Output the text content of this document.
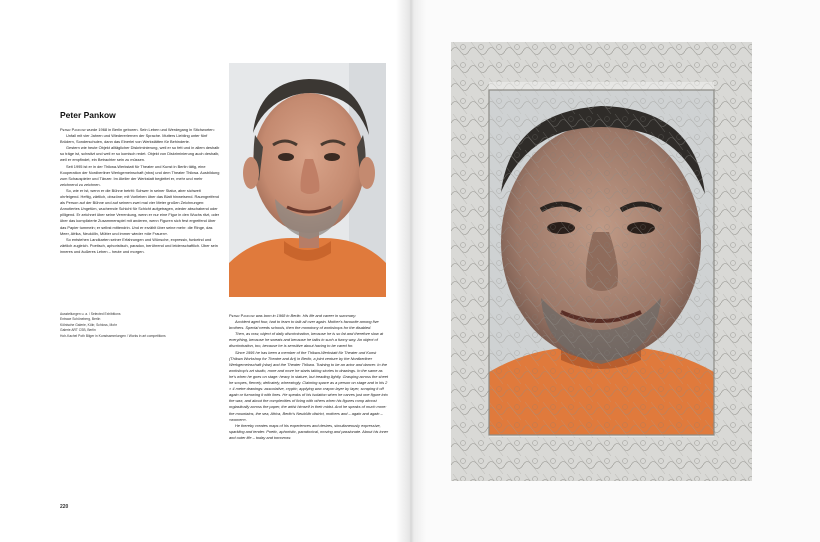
Peter Pankow

Peter Pankow wurde 1968 in Berlin geboren. Sein Leben und Werdegang in Stichworten:

Unfall mit vier Jahren und Wiedererlernen der Sprache. Mutters Liebling unter fünf Brüdern, Sonderschulen, dann das Einerlei von Werkstätten für Behinderte.

Gestern wie heute Objekt alltäglicher Diskriminierung, weil er so fett und in allem deshalb so träge ist, schwitzt und weil er so komisch redet. Objekt von Diskriminierung auch deshalb, weil er empfindet, ein Betrachter sein zu müssen.

Seit 1995 ist er in der Thikwa-Werkstatt für Theater und Kunst in Berlin tätig, eine Kooperation der Nordberliner Werkgemeinschaft (nbw) und dem Theater Thikwa. Ausbildung zum Schauspieler und Tänzer. Im Atelier der Werkstatt begleitet er, mehr und mehr zeichnend zu zeichnen.

So, wie er ist, wenn er die Bühne betritt: Schwer in seiner Statur, aber sichweit ohrfeigend. Heftig, zärtlich, obszöne; mit Vorlieben über das Blatt hinweisend. Raumgreifend als Person auf der Bühne und auf seinem zwei mal vier Meter großen Zeichnungen: Annotiertes Ungetüm, wuchernde Schicht für Schicht aufgetragen, wieder abschabend oder pilligend. Er zeichnet über seine Verrenkung, wenn er nur eine Figur in den Wuchs ritzt, oder über das komplizierte Zusammenspiel mit anderen, wenn Figuren sich fest ergreifend über das Papier tummeln; er selbst mittendrin. Und er erzählt über seine mehr: die Ringe, das Meer, Afrika, Neukölln, Mütter und immer wieder »die Frauen«.

So entstehen Landkarten seiner Erfahrungen und Wünsche, expressiv, funkelnd und zärtlich zugleich. Poetisch, aphoristisch, paradox, berührend und leidenschaftlich. Über sein inneres und äußeres Leben – heute und morgen.

Ausstellungen u. a. / Selected Exhibitions
Entrace Schöneberg, Berlin
Kölnische Galerie, Köln; Schloss, Mohr
Galerie ART CSB, Berlin
Hoh-Kachel Poth Bilger in Kunstsammlungen / Works in art competitions

Peter Pankow was born in 1968 in Berlin. His life and career in summary:

Accident aged four, had to learn to talk all over again. Mother's favourite among five brothers. Special needs schools, then the monotony of workshops for the disabled.

Then, as now, object of daily discrimination, because he is so fat and therefore slow at everything, because he sweats and because he talks in such a funny way. An object of discrimination, too, because he is sensitive about having to be cared for.

Since 1995 he has been a member of the Thikwa-Werkstatt für Theater und Kunst (Thikwa Workshop for Theatre and Art) in Berlin, a joint venture by the Nordberliner Werkgemeinschaft (nbw) and the Theater Thikwa. Training to be an actor and dancer. In the workshop's art studio, more and more he starts taking stories to drawings. In the same as he's when he goes on stage: heavy in stature, but treading lightly. Grasping across the sheet he scopes, fiercely, delicately, wheezingly. Claiming space as a person on stage and in his 2 × 4 metre drawings: associative, cryptic; applying wax crayon layer by layer, scraping it off again or furrowing it with lines. He speaks of his isolation when he carves just one figure into the wax, and about the complexities of living with others when his figures romp almost orgiastically across the paper, the artist himself in their midst. And he speaks of much more: the mountains, the sea, Africa, Berlin's Neukölln district, mothers and – again and again – »women«.

He thereby creates maps of his experiences and desires, simultaneously expressive, sparkling and tender. Poetic, aphoristic, paradoxical, moving and passionate. About his inner and outer life – today and tomorrow.

220
